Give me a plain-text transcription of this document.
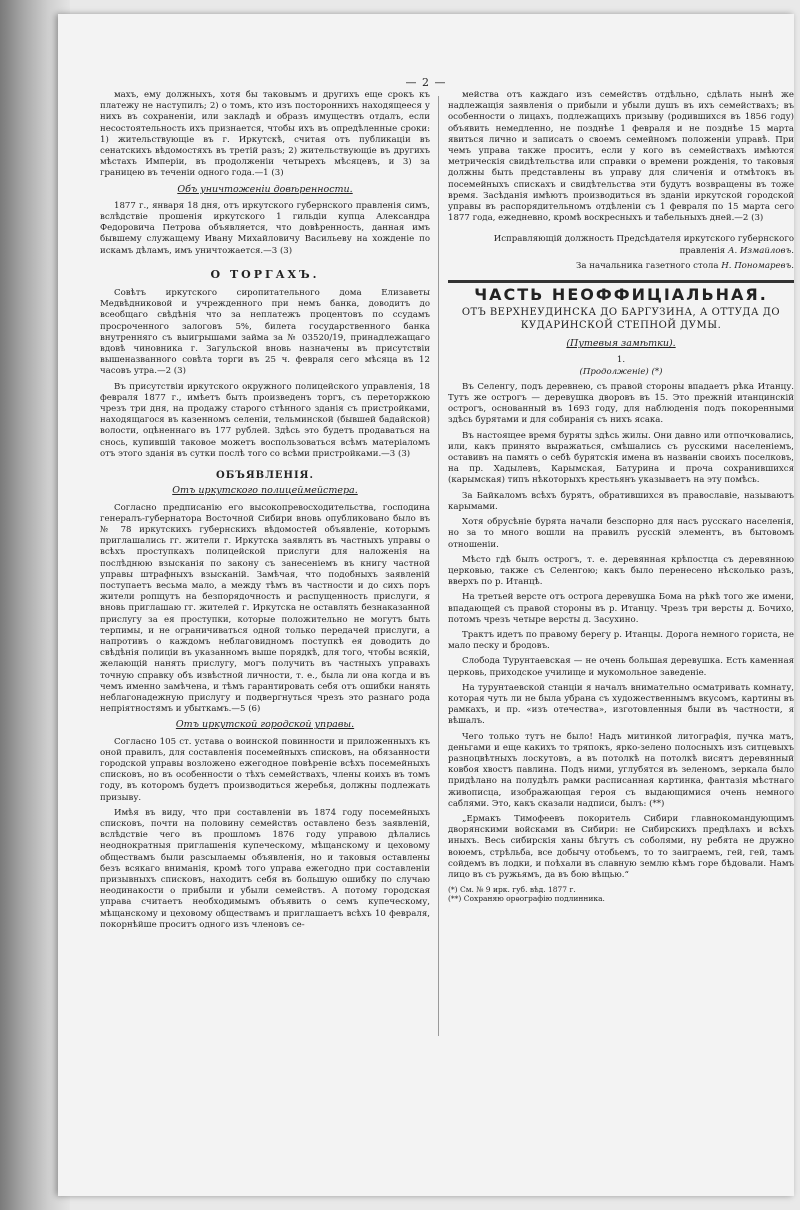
— 2 —

махъ, ему должныхъ, хотя бы таковымъ и другихъ еще срокъ къ платежу не наступилъ; 2) о томъ, кто изъ постороннихъ находящееся у нихъ въ сохраненіи, или закладѣ и образъ имуществъ отдалъ, если несостоятельность ихъ признается, чтобы ихъ въ опредѣленные сроки: 1) жительствующіе въ г. Иркутскѣ, считая отъ публикаціи въ сенатскихъ вѣдомостяхъ въ третій разъ; 2) жительствующіе въ другихъ мѣстахъ Имперіи, въ продолженіи четырехъ мѣсяцевъ, и 3) за границею въ теченіи одного года.—1 (3)

Объ уничтоженіи довѣренности.

1877 г., января 18 дня, отъ иркутского губернского правленія симъ, вслѣдствіе прошенія иркутского 1 гильдіи купца Александра Федоровича Петрова объявляется, что довѣренность, данная имъ бывшему служащему Ивану Михайловичу Васильеву на хожденіе по искамъ дѣламъ, имъ уничтожается.—3 (3)

О ТОРГАХЪ.

Совѣтъ иркутского сиропитательного дома Елизаветы Медвѣдниковой и учрежденного при немъ банка, доводитъ до всеобщаго свѣдѣнія что за неплатежъ процентовъ по ссудамъ просроченного залоговъ 5%, билета государственного банка внутренняго съ выигрышами займа за № 03520/19, принадлежащаго вдовѣ чиновника г. Загульской вновь назначены въ присутствіи вышеназванного совѣта торги въ 25 ч. февраля сего мѣсяца въ 12 часовъ утра.—2 (3)

Въ присутствіи иркутского окружного полицейского управленія, 18 февраля 1877 г., имѣетъ быть произведенъ торгъ, съ переторжкою чрезъ три дня, на продажу старого стѣнного зданія съ пристройками, находящагося въ казенномъ селеніи, тельминской (бывшей бадайской) волости, оцѣненнаго въ 177 рублей. Здѣсь это будетъ продаваться на снось, купившій таковое можетъ воспользоваться всѣмъ матеріаломъ отъ этого зданія въ сутки послѣ того со всѣми пристройками.—3 (3)

ОБЪЯВЛЕНІЯ.
Отъ иркутского полицеймейстера.

Согласно предписанію его высокопревосходительства, господина генералъ-губернатора Восточной Сибири вновь опубликовано было въ № 78 иркутскихъ губернскихъ вѣдомостей объявленіе, которымъ приглашались гг. жители г. Иркутска заявлять въ частныхъ управы о всѣхъ проступкахъ полицейской прислуги для наложенія на послѣднюю взысканія по закону съ занесеніемъ въ книгу частной управы штрафныхъ взысканій. Замѣчая, что подобныхъ заявленій поступаетъ весьма мало, а между тѣмъ въ частности и до сихъ поръ жители ропщутъ на безпорядочность и распущенность прислуги, я вновь приглашаю гг. жителей г. Иркутска не оставлять безнаказанной прислугу за ея проступки, которые положительно не могутъ быть терпимы, и не ограничиваться одной только передачей прислуги, а напротивъ о каждомъ неблаговидномъ поступкѣ ея доводить до свѣдѣнія полиціи въ указанномъ выше порядкѣ, для того, чтобы всякій, желающій нанять прислугу, могъ получить въ частныхъ управахъ точную справку объ извѣстной личности, т. е., была ли она когда и въ чемъ именно замѣчена, и тѣмъ гарантировать себя отъ ошибки нанять неблагонадежную прислугу и подвергнуться чрезъ это разнаго рода непріятностямъ и убыткамъ.—5 (6)

Отъ иркутской городской управы.

Согласно 105 ст. устава о воинской повинности и приложенныхъ къ оной правилъ, для составленія посемейныхъ списковъ, на обязанности городской управы возложено ежегодное повѣреніе всѣхъ посемейныхъ списковъ, но въ особенности о тѣхъ семействахъ, члены коихъ въ томъ году, въ которомъ будетъ производиться жеребья, должны подлежать призыву.

Имѣя въ виду, что при составленіи въ 1874 году посемейныхъ списковъ, почти на половину семействъ оставлено безъ заявленій, вслѣдствіе чего въ прошломъ 1876 году управою дѣлались неоднократныя приглашенія купеческому, мѣщанскому и цеховому обществамъ были разсылаемы объявленія, но и таковыя оставлены безъ всякаго вниманія, кромѣ того управа ежегодно при составленіи призывныхъ списковъ, находитъ себя въ большую ошибку по случаю неодинакости о прибыли и убыли семействъ. А потому городская управа считаетъ необходимымъ объявить о семъ купеческому, мѣщанскому и цеховому обществамъ и приглашаетъ всѣхъ 10 февраля, покорнѣйше проситъ одного изъ членовъ се-

мейства отъ каждаго изъ семействъ отдѣльно, сдѣлать нынѣ же надлежащія заявленія о прибыли и убыли душъ въ ихъ семействахъ; въ особенности о лицахъ, подлежащихъ призыву (родившихся въ 1856 году) объявить немедленно, не позднѣе 1 февраля и не позднѣе 15 марта явиться лично и записать о своемъ семейномъ положеніи управѣ. При чемъ управа также проситъ, если у кого въ семействахъ имѣются метрическія свидѣтельства или справки о времени рожденія, то таковыя должны быть представлены въ управу для сличенія и отмѣтокъ въ посемейныхъ спискахъ и свидѣтельства эти будутъ возвращены въ тоже время. Засѣданія имѣютъ производиться въ зданіи иркутской городской управы въ распорядительномъ отдѣленіи съ 1 февраля по 15 марта сего 1877 года, ежедневно, кромѣ воскресныхъ и табельныхъ дней.—2 (3)

Исправляющій должность Предсѣдателя иркутского губернского правленія А. Измайловъ.

За начальника газетного стола Н. Пономаревъ.

ЧАСТЬ НЕОФФИЦІАЛЬНАЯ.
ОТЪ ВЕРХНЕУДИНСКА ДО БАРГУЗИНА, А ОТТУДА ДО КУДАРИНСКОЙ СТЕПНОЙ ДУМЫ.
(Путевыя замѣтки).
1.
(Продолженіе) (*)

Въ Селенгу, подъ деревнею, съ правой стороны впадаетъ рѣка Итанцу. Тутъ же острогъ — деревушка дворовъ въ 15. Это прежній итанцинскій острогъ, основанный въ 1693 году, для наблюденія подъ покоренными здѣсь бурятами и для собиранія съ нихъ ясака.

Въ настоящее время буряты здѣсь жилы. Они давно или отпочковались, или, какъ принято выражаться, смѣшались съ русскими населеніемъ, оставивъ на память о себѣ бурятскія имена въ названіи своихъ поселковъ, на пр. Хадылевъ, Карымская, Батурина и проча сохранившихся (карымская) типъ нѣкоторыхъ крестьянъ указываетъ на эту помѣсь.

За Байкаломъ всѣхъ бурятъ, обратившихся въ православіе, называютъ карымами.

Хотя обрусѣніе бурята начали безспорно для насъ русскаго населенія, но за то много вошли на правилъ русскій элементъ, въ бытовомъ отношеніи.

Мѣсто гдѣ былъ острогъ, т. е. деревянная крѣпостца съ деревянною церковью, также съ Селенгою; какъ было перенесено нѣсколько разъ, вверхъ по р. Итанцѣ.

На третьей версте отъ острога деревушка Бома на рѣкѣ того же имени, впадающей съ правой стороны въ р. Итанцу. Чрезъ три версты д. Бочихо, потомъ чрезъ четыре версты д. Засухино.

Трактъ идетъ по правому берегу р. Итанцы. Дорога немного гориста, не мало песку и бродовъ.

Слобода Турунтаевская — не очень большая деревушка. Есть каменная церковь, приходское училище и мукомольное заведеніе.

На турунтаевской станціи я началъ внимательно осматривать комнату, которая чуть ли не была убрана съ художественнымъ вкусомъ, картины въ рамкахъ, и пр. «изъ отечества», изготовленныя были въ частности, я вѣшалъ.

Чего только тутъ не было! Надъ митинкой литографія, пучка матъ, деньгами и еще какихъ то тряпокъ, ярко-зелено полосныхъ изъ ситцевыхъ разноцвѣтныхъ лоскутовъ, а въ потолкѣ на потолкѣ висятъ деревянный ковбоя хвостъ павлина. Подъ ними, углубятся въ зеленомъ, зеркала было придѣлано на полудѣлъ рамки расписанная картинка, фантазія мѣстнаго живописца, изображающая героя съ выдающимися очень немного саблями. Это, какъ сказали надписи, былъ: (**)

„Ермакъ Тимофеевъ покоритель Сибири главнокомандующимъ дворянскими войсками въ Сибири: не Сибирскихъ предѣлахъ и всѣхъ иныхъ. Весь сибирскія ханы бѣгутъ съ соболями, ну ребята не дружно воюемъ, стрѣльба, все добычу отобьемъ, то то заиграемъ, гей, гей, тамъ сойдемъ въ лодки, и поѣхали въ славную землю кѣмъ горе бѣдовали. Намъ лицо въ съ ружьямъ, да въ бою вѣщью.“

(*) См. № 9 ирк. губ. вѣд. 1877 г.
(**) Сохраняю орѳографію подлинника.
